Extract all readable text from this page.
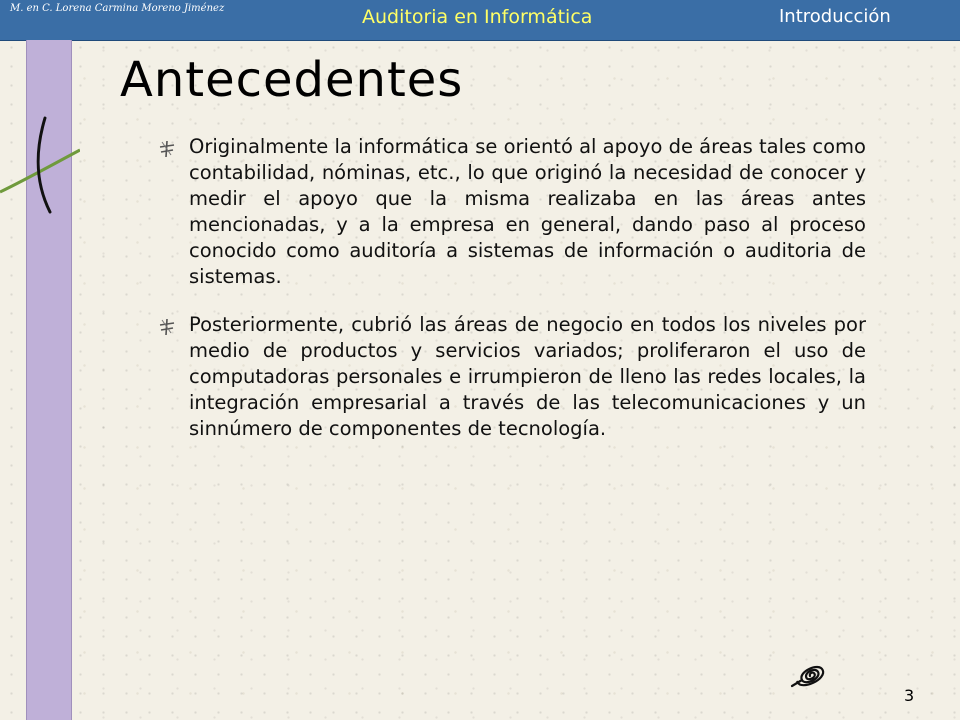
M. en C. Lorena Carmina Moreno Jiménez	Auditoria en Informática	Introducción
Antecedentes
Originalmente la informática se orientó al apoyo de áreas tales como contabilidad, nóminas, etc., lo que originó la necesidad de conocer y medir el apoyo que la misma realizaba en las áreas antes mencionadas, y a la empresa en general, dando paso al proceso conocido como auditoría a sistemas de información o auditoria de sistemas.
Posteriormente, cubrió las áreas de negocio en todos los niveles por medio de productos y servicios variados; proliferaron el uso de computadoras personales e irrumpieron de lleno las redes locales, la integración empresarial a través de las telecomunicaciones y un sinnúmero de componentes de tecnología.
3
